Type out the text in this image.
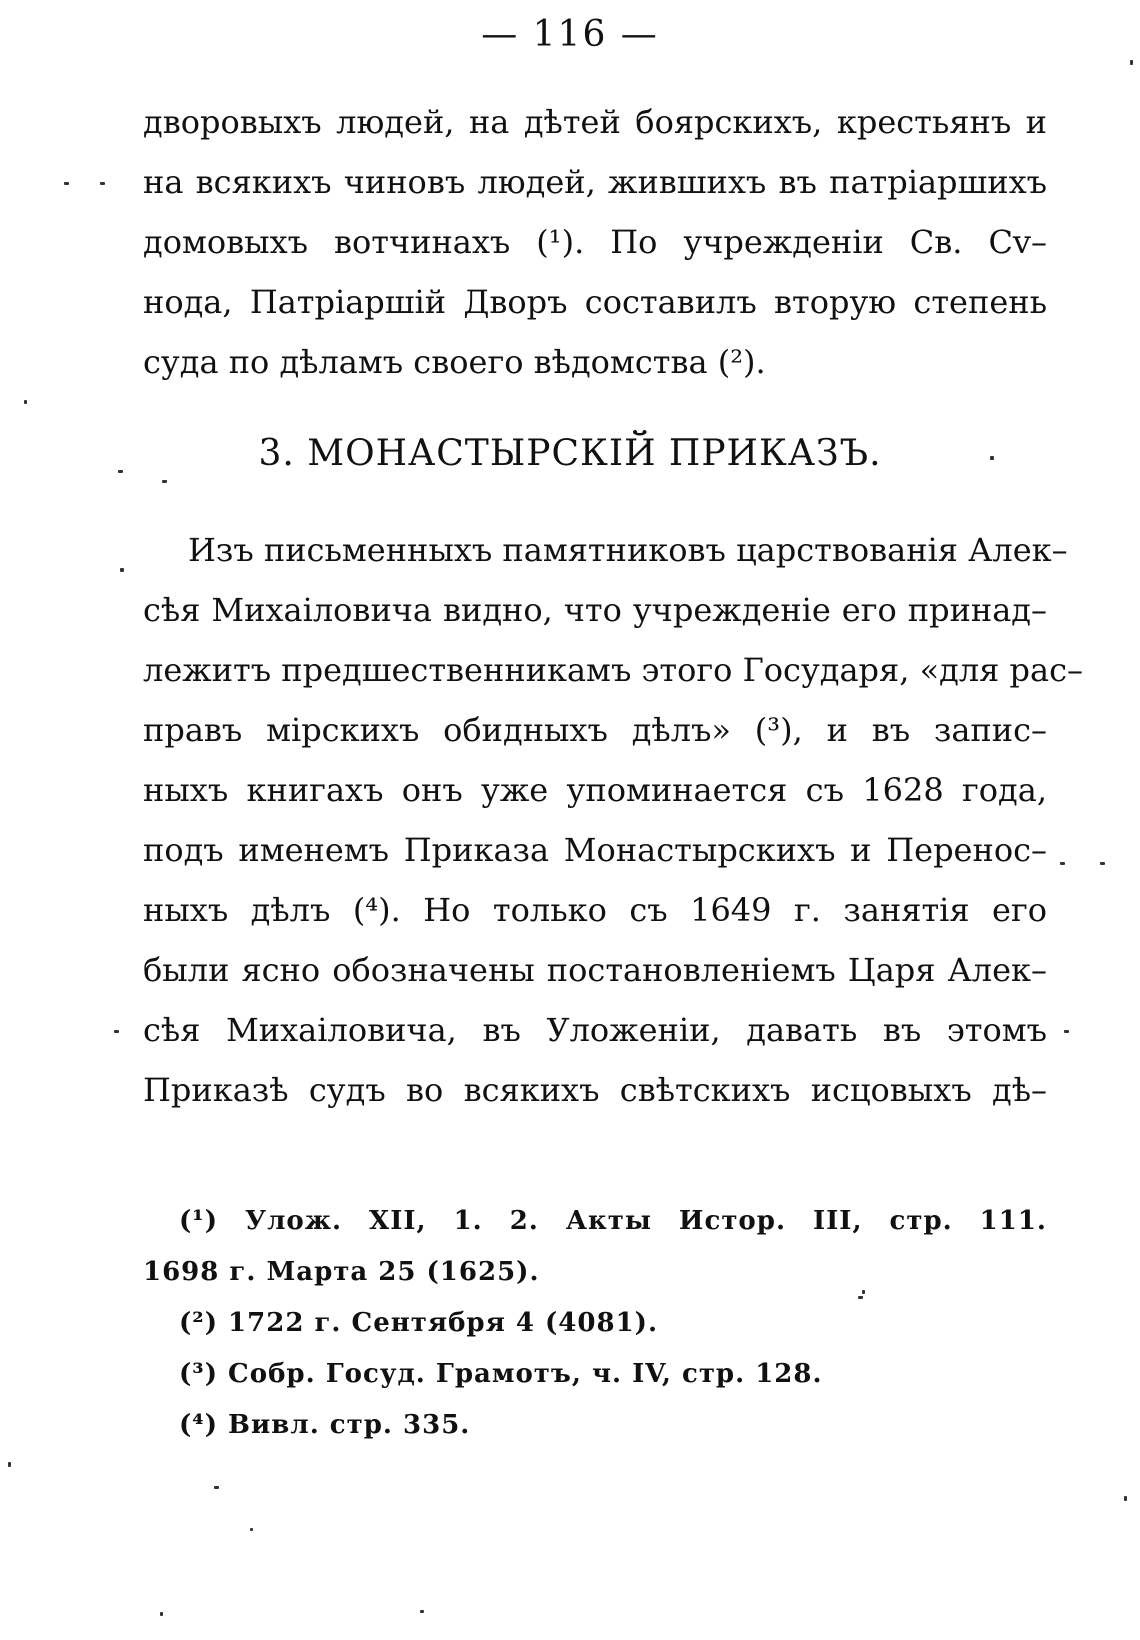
— 116 —
дворовыхъ людей, на дѣтей боярскихъ, крестьянъ и
на всякихъ чиновъ людей, жившихъ въ патріаршихъ
домовыхъ вотчинахъ (¹). По учрежденіи Св. Сv–
нода, Патріаршій Дворъ составилъ вторую степень
суда по дѣламъ своего вѣдомства (²).
3. МОНАСТЫРСКІЙ ПРИКАЗЪ.
Изъ письменныхъ памятниковъ царствованія Алек–
сѣя Михаіловича видно, что учрежденіе его принад–
лежитъ предшественникамъ этого Государя, «для рас–
правъ мірскихъ обидныхъ дѣлъ» (³), и въ запис–
ныхъ книгахъ онъ уже упоминается съ 1628 года,
подъ именемъ Приказа Монастырскихъ и Перенос–
ныхъ дѣлъ (⁴). Но только съ 1649 г. занятія его
были ясно обозначены постановленіемъ Царя Алек–
сѣя Михаіловича, въ Уложеніи, давать въ этомъ
Приказѣ судъ во всякихъ свѣтскихъ исцовыхъ дѣ–
(¹) Улож. XII, 1. 2. Акты Истор. III, стр. 111.
1698 г. Марта 25 (1625).
(²) 1722 г. Сентября 4 (4081).
(³) Собр. Госуд. Грамотъ, ч. IV, стр. 128.
(⁴) Вивл. стр. 335.
